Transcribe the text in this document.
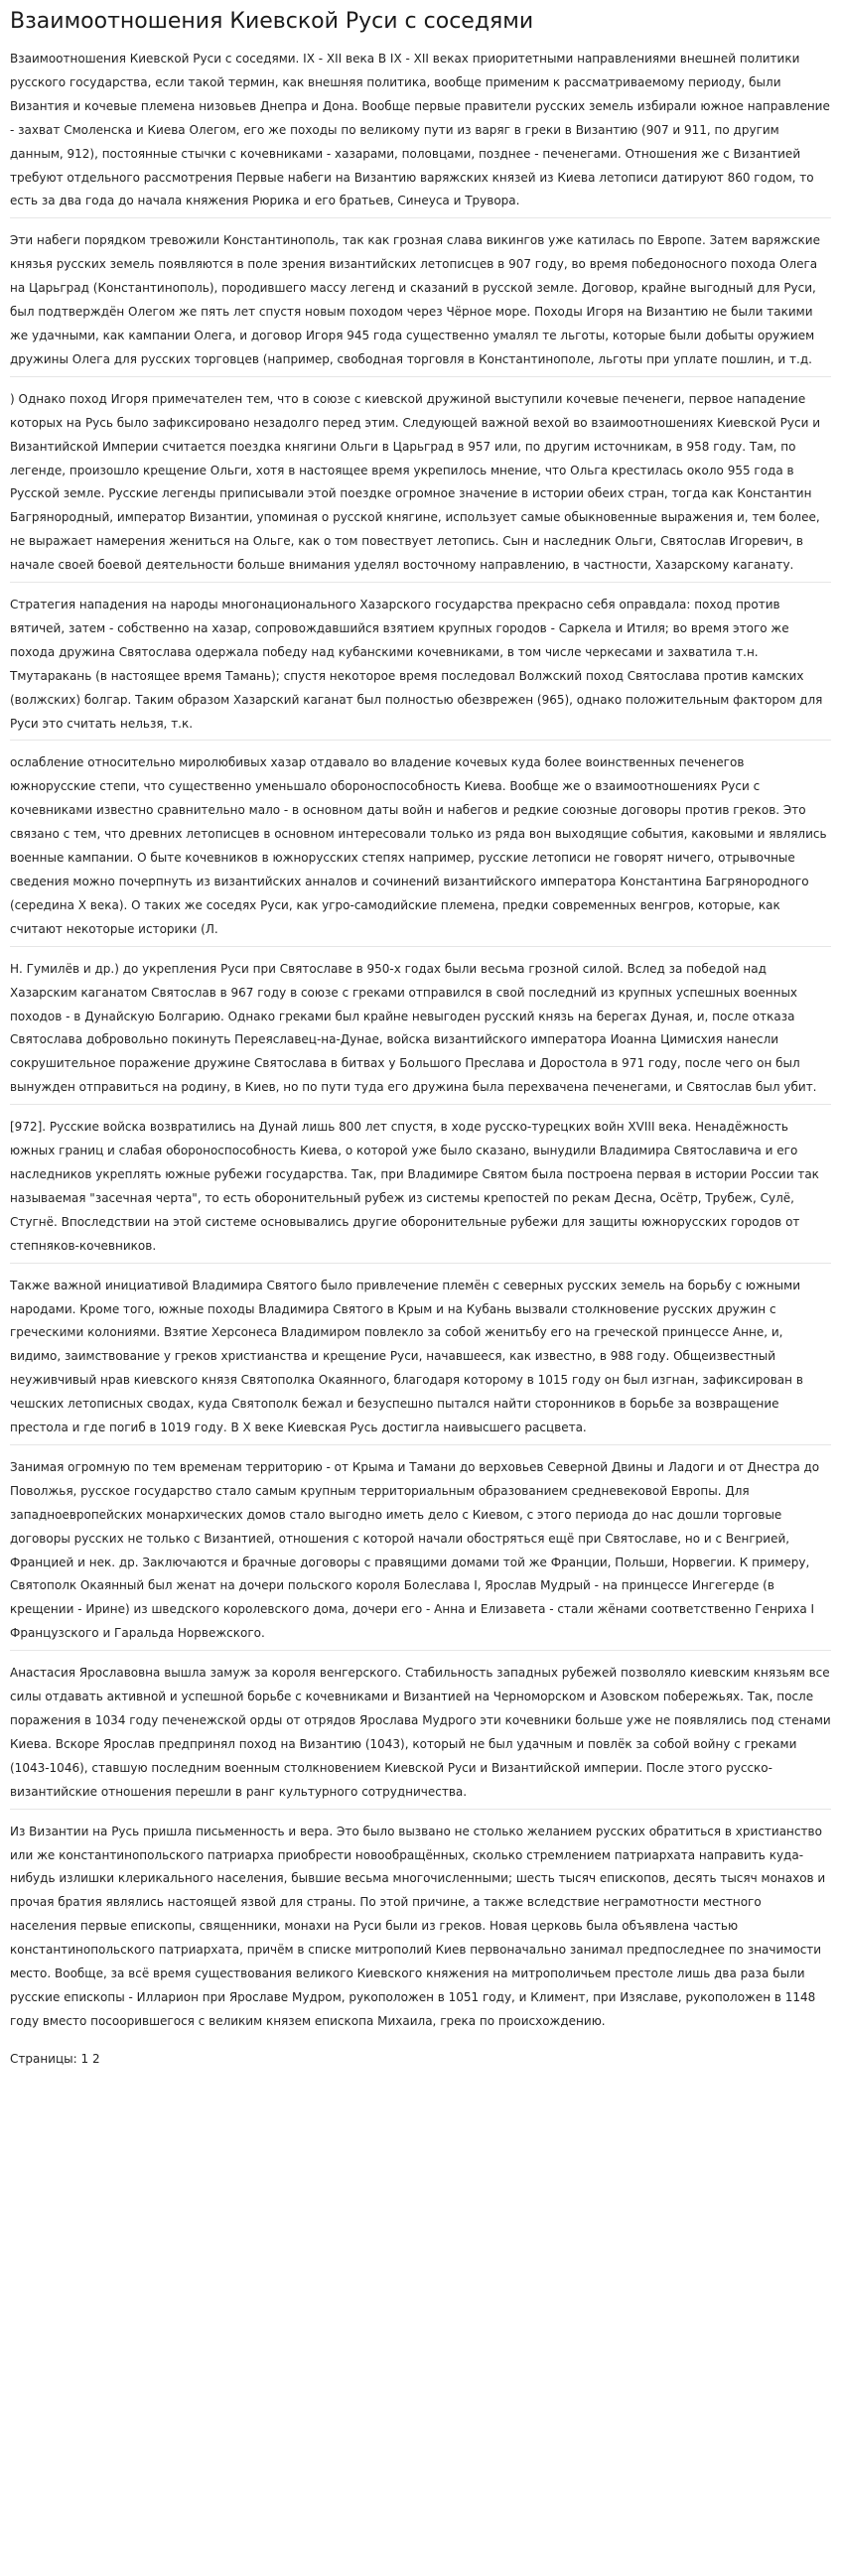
Взаимоотношения Киевской Руси с соседями

Взаимоотношения Киевской Руси с соседями. IX - XII века В IX - XII веках приоритетными направлениями внешней политики русского государства, если такой термин, как внешняя политика, вообще применим к рассматриваемому периоду, были Византия и кочевые племена низовьев Днепра и Дона. Вообще первые правители русских земель избирали южное направление - захват Смоленска и Киева Олегом, его же походы по великому пути из варяг в греки в Византию (907 и 911, по другим данным, 912), постоянные стычки с кочевниками - хазарами, половцами, позднее - печенегами. Отношения же с Византией требуют отдельного рассмотрения Первые набеги на Византию варяжских князей из Киева летописи датируют 860 годом, то есть за два года до начала княжения Рюрика и его братьев, Синеуса и Трувора.

Эти набеги порядком тревожили Константинополь, так как грозная слава викингов уже катилась по Европе. Затем варяжские князья русских земель появляются в поле зрения византийских летописцев в 907 году, во время победоносного похода Олега на Царьград (Константинополь), породившего массу легенд и сказаний в русской земле. Договор, крайне выгодный для Руси, был подтверждён Олегом же пять лет спустя новым походом через Чёрное море. Походы Игоря на Византию не были такими же удачными, как кампании Олега, и договор Игоря 945 года существенно умалял те льготы, которые были добыты оружием дружины Олега для русских торговцев (например, свободная торговля в Константинополе, льготы при уплате пошлин, и т.д.

) Однако поход Игоря примечателен тем, что в союзе с киевской дружиной выступили кочевые печенеги, первое нападение которых на Русь было зафиксировано незадолго перед этим. Следующей важной вехой во взаимоотношениях Киевской Руси и Византийской Империи считается поездка княгини Ольги в Царьград в 957 или, по другим источникам, в 958 году. Там, по легенде, произошло крещение Ольги, хотя в настоящее время укрепилось мнение, что Ольга крестилась около 955 года в Русской земле. Русские легенды приписывали этой поездке огромное значение в истории обеих стран, тогда как Константин Багрянородный, император Византии, упоминая о русской княгине, использует самые обыкновенные выражения и, тем более, не выражает намерения жениться на Ольге, как о том повествует летопись. Сын и наследник Ольги, Святослав Игоревич, в начале своей боевой деятельности больше внимания уделял восточному направлению, в частности, Хазарскому каганату.

Стратегия нападения на народы многонационального Хазарского государства прекрасно себя оправдала: поход против вятичей, затем - собственно на хазар, сопровождавшийся взятием крупных городов - Саркела и Итиля; во время этого же похода дружина Святослава одержала победу над кубанскими кочевниками, в том числе черкесами и захватила т.н. Тмутаракань (в настоящее время Тамань); спустя некоторое время последовал Волжский поход Святослава против камских (волжских) болгар. Таким образом Хазарский каганат был полностью обезврежен (965), однако положительным фактором для Руси это считать нельзя, т.к.

ослабление относительно миролюбивых хазар отдавало во владение кочевых куда более воинственных печенегов южнорусские степи, что существенно уменьшало обороноспособность Киева. Вообще же о взаимоотношениях Руси с кочевниками известно сравнительно мало - в основном даты войн и набегов и редкие союзные договоры против греков. Это связано с тем, что древних летописцев в основном интересовали только из ряда вон выходящие события, каковыми и являлись военные кампании. О быте кочевников в южнорусских степях например, русские летописи не говорят ничего, отрывочные сведения можно почерпнуть из византийских анналов и сочинений византийского императора Константина Багрянородного (середина X века). О таких же соседях Руси, как угро-самодийские племена, предки современных венгров, которые, как считают некоторые историки (Л.

Н. Гумилёв и др.) до укрепления Руси при Святославе в 950-х годах были весьма грозной силой. Вслед за победой над Хазарским каганатом Святослав в 967 году в союзе с греками отправился в свой последний из крупных успешных военных походов - в Дунайскую Болгарию. Однако греками был крайне невыгоден русский князь на берегах Дуная, и, после отказа Святослава добровольно покинуть Переяславец-на-Дунае, войска византийского императора Иоанна Цимисхия нанесли сокрушительное поражение дружине Святослава в битвах у Большого Преслава и Доростола в 971 году, после чего он был вынужден отправиться на родину, в Киев, но по пути туда его дружина была перехвачена печенегами, и Святослав был убит.

[972]. Русские войска возвратились на Дунай лишь 800 лет спустя, в ходе русско-турецких войн XVIII века. Ненадёжность южных границ и слабая обороноспособность Киева, о которой уже было сказано, вынудили Владимира Святославича и его наследников укреплять южные рубежи государства. Так, при Владимире Святом была построена первая в истории России так называемая "засечная черта", то есть оборонительный рубеж из системы крепостей по рекам Десна, Осётр, Трубеж, Сулё, Стугнё. Впоследствии на этой системе основывались другие оборонительные рубежи для защиты южнорусских городов от степняков-кочевников.

Также важной инициативой Владимира Святого было привлечение племён с северных русских земель на борьбу с южными народами. Кроме того, южные походы Владимира Святого в Крым и на Кубань вызвали столкновение русских дружин с греческими колониями. Взятие Херсонеса Владимиром повлекло за собой женитьбу его на греческой принцессе Анне, и, видимо, заимствование у греков христианства и крещение Руси, начавшееся, как известно, в 988 году. Общеизвестный неуживчивый нрав киевского князя Святополка Окаянного, благодаря которому в 1015 году он был изгнан, зафиксирован в чешских летописных сводах, куда Святополк бежал и безуспешно пытался найти сторонников в борьбе за возвращение престола и где погиб в 1019 году. В X веке Киевская Русь достигла наивысшего расцвета.

Занимая огромную по тем временам территорию - от Крыма и Тамани до верховьев Северной Двины и Ладоги и от Днестра до Поволжья, русское государство стало самым крупным территориальным образованием средневековой Европы. Для западноевропейских монархических домов стало выгодно иметь дело с Киевом, с этого периода до нас дошли торговые договоры русских не только с Византией, отношения с которой начали обостряться ещё при Святославе, но и с Венгрией, Францией и нек. др. Заключаются и брачные договоры с правящими домами той же Франции, Польши, Норвегии. К примеру, Святополк Окаянный был женат на дочери польского короля Болеслава I, Ярослав Мудрый - на принцессе Ингегерде (в крещении - Ирине) из шведского королевского дома, дочери его - Анна и Елизавета - стали жёнами соответственно Генриха I Французского и Гаральда Норвежского.

Анастасия Ярославовна вышла замуж за короля венгерского. Стабильность западных рубежей позволяло киевским князьям все силы отдавать активной и успешной борьбе с кочевниками и Византией на Черноморском и Азовском побережьях. Так, после поражения в 1034 году печенежской орды от отрядов Ярослава Мудрого эти кочевники больше уже не появлялись под стенами Киева. Вскоре Ярослав предпринял поход на Византию (1043), который не был удачным и повлёк за собой войну с греками (1043-1046), ставшую последним военным столкновением Киевской Руси и Византийской империи. После этого русско-византийские отношения перешли в ранг культурного сотрудничества.

Из Византии на Русь пришла письменность и вера. Это было вызвано не столько желанием русских обратиться в христианство или же константинопольского патриарха приобрести новообращённых, сколько стремлением патриархата направить куда-нибудь излишки клерикального населения, бывшие весьма многочисленными; шесть тысяч епископов, десять тысяч монахов и прочая братия являлись настоящей язвой для страны. По этой причине, а также вследствие неграмотности местного населения первые епископы, священники, монахи на Руси были из греков. Новая церковь была объявлена частью константинопольского патриархата, причём в списке митрополий Киев первоначально занимал предпоследнее по значимости место. Вообще, за всё время существования великого Киевского княжения на митрополичьем престоле лишь два раза были русские епископы - Илларион при Ярославе Мудром, рукоположен в 1051 году, и Климент, при Изяславе, рукоположен в 1148 году вместо посоорившегося с великим князем епископа Михаила, грека по происхождению.

Страницы: 1 2
